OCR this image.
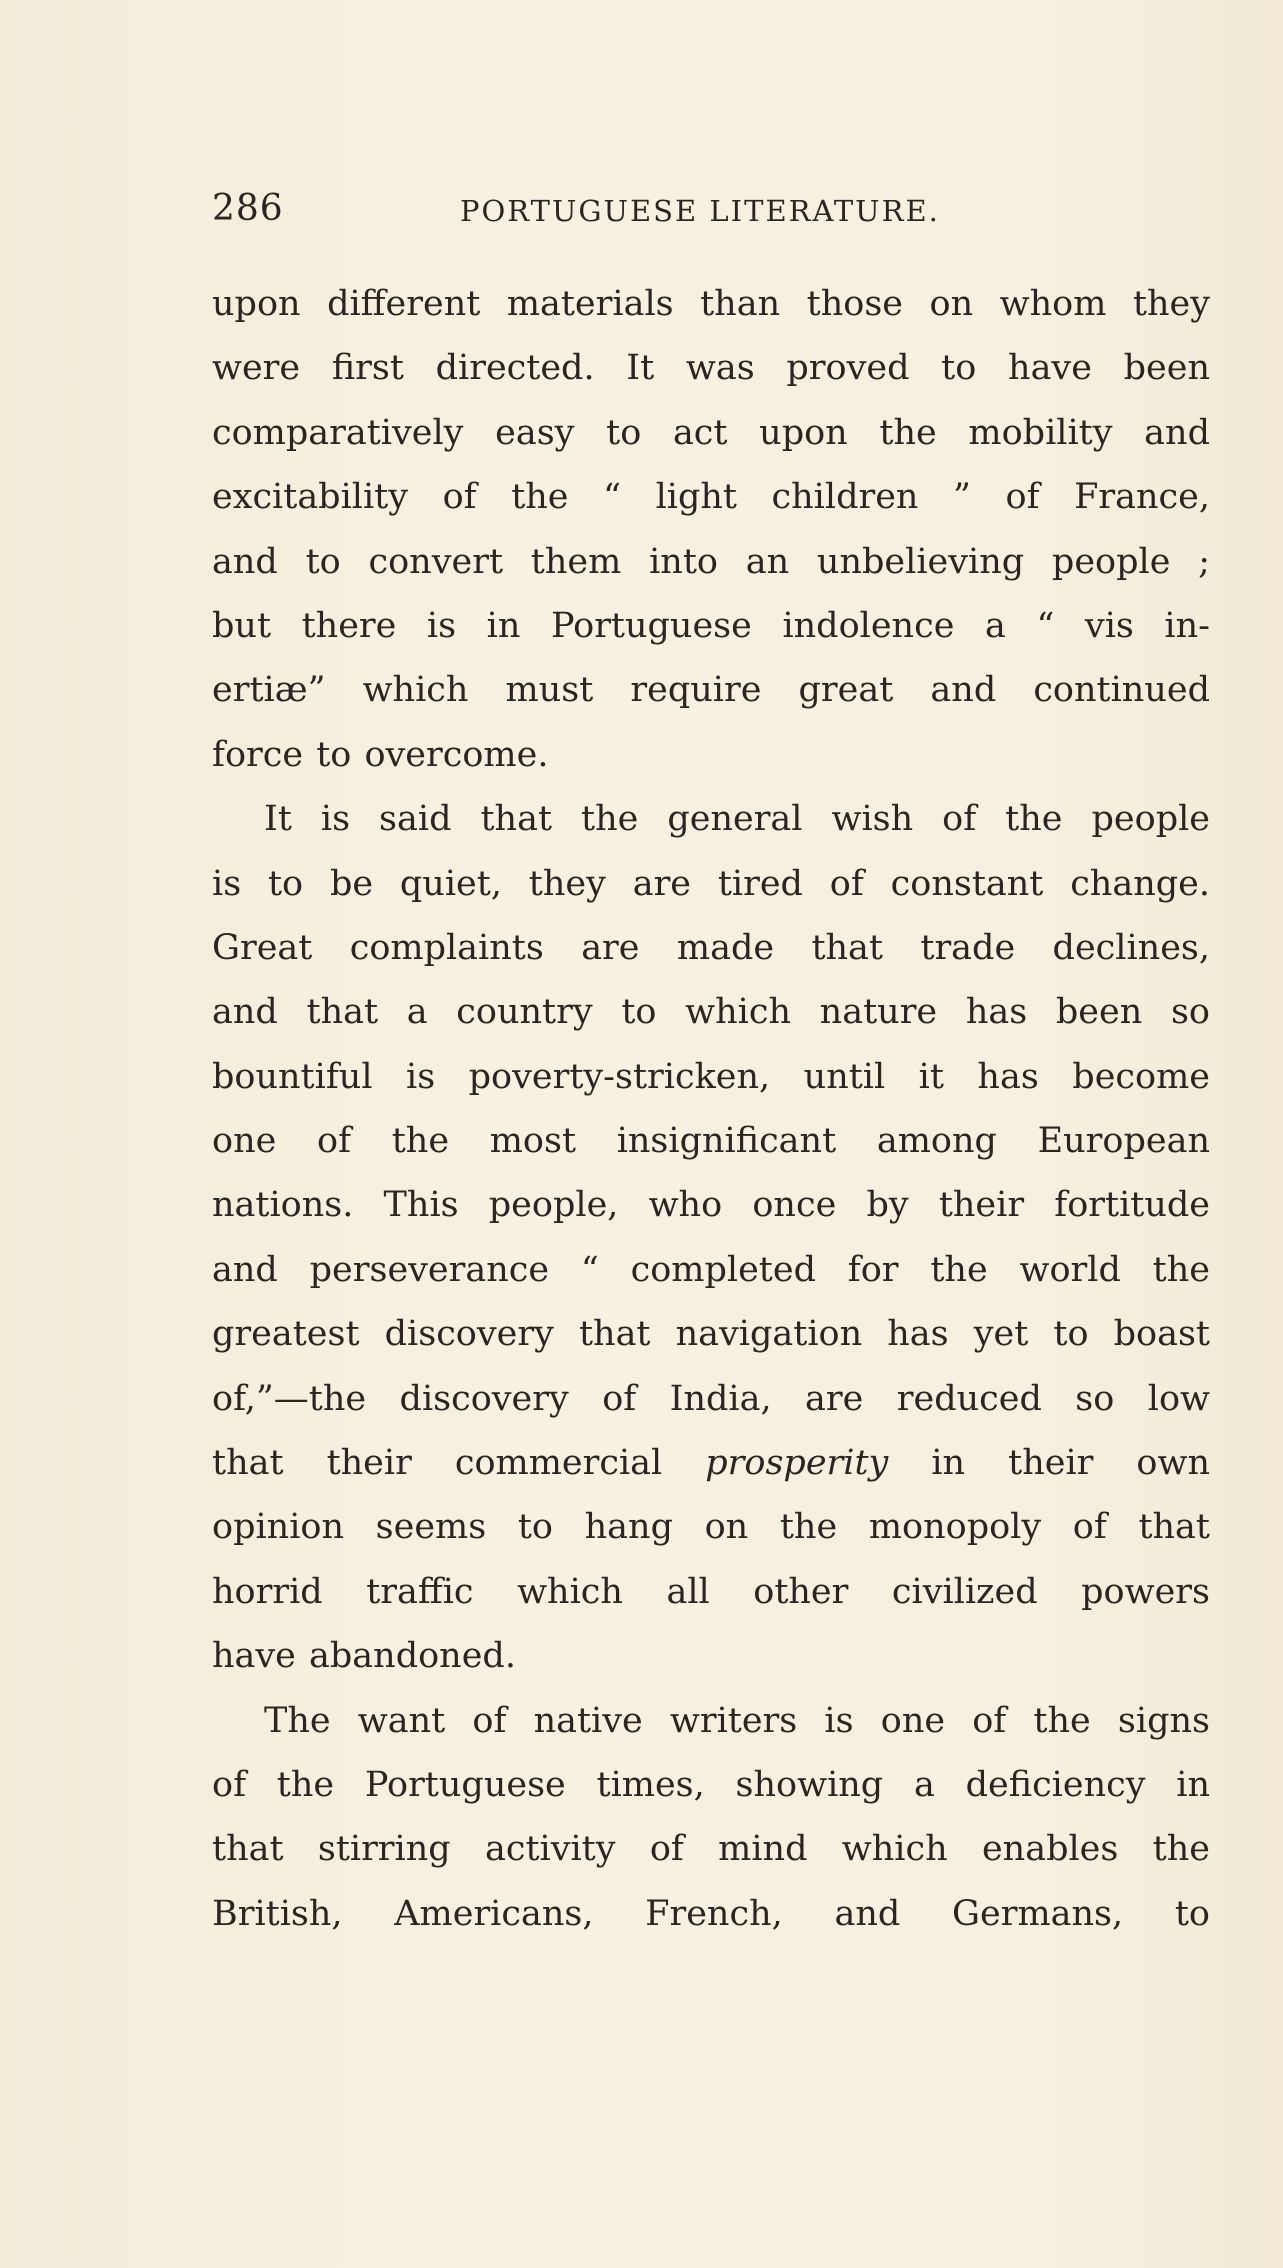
286	PORTUGUESE LITERATURE.
upon different materials than those on whom they
were first directed. It was proved to have been
comparatively easy to act upon the mobility and
excitability of the “ light children ” of France,
and to convert them into an unbelieving people ;
but there is in Portuguese indolence a “ vis in-
ertiæ” which must require great and continued
force to overcome.
It is said that the general wish of the people
is to be quiet, they are tired of constant change.
Great complaints are made that trade declines,
and that a country to which nature has been so
bountiful is poverty-stricken, until it has become
one of the most insignificant among European
nations. This people, who once by their fortitude
and perseverance “ completed for the world the
greatest discovery that navigation has yet to boast
of,”—the discovery of India, are reduced so low
that their commercial prosperity in their own
opinion seems to hang on the monopoly of that
horrid traffic which all other civilized powers
have abandoned.
The want of native writers is one of the signs
of the Portuguese times, showing a deficiency in
that stirring activity of mind which enables the
British, Americans, French, and Germans, to
